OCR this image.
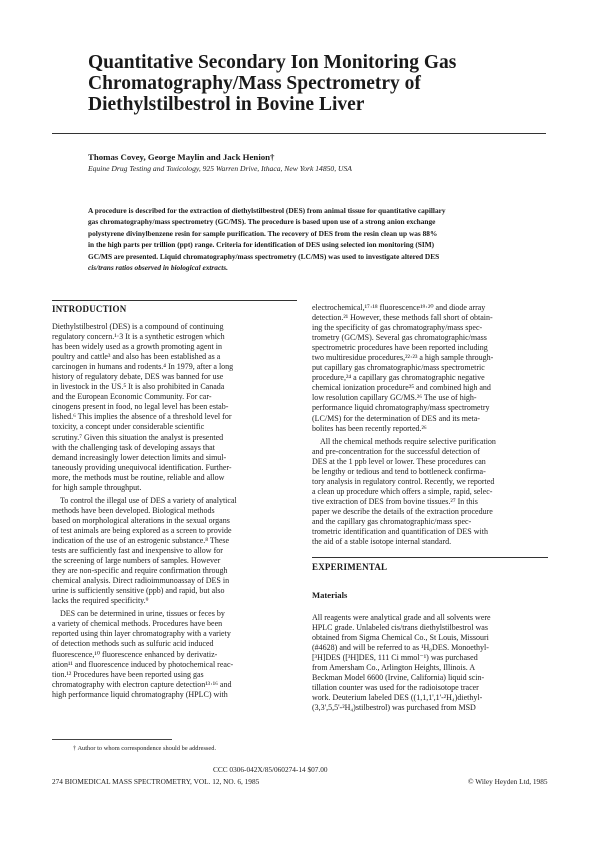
Quantitative Secondary Ion Monitoring Gas
Chromatography/Mass Spectrometry of
Diethylstilbestrol in Bovine Liver
Thomas Covey, George Maylin and Jack Henion†
Equine Drug Testing and Toxicology, 925 Warren Drive, Ithaca, New York 14850, USA
A procedure is described for the extraction of diethylstilbestrol (DES) from animal tissue for quantitative capillary
gas chromatography/mass spectrometry (GC/MS). The procedure is based upon use of a strong anion exchange
polystyrene divinylbenzene resin for sample purification. The recovery of DES from the resin clean up was 88%
in the high parts per trillion (ppt) range. Criteria for identification of DES using selected ion monitoring (SIM)
GC/MS are presented. Liquid chromatography/mass spectrometry (LC/MS) was used to investigate altered DES
cis/trans ratios observed in biological extracts.
INTRODUCTION
Diethylstilbestrol (DES) is a compound of continuing
regulatory concern.¹·3 It is a synthetic estrogen which
has been widely used as a growth promoting agent in
poultry and cattle³ and also has been established as a
carcinogen in humans and rodents.⁴ In 1979, after a long
history of regulatory debate, DES was banned for use
in livestock in the US.⁵ It is also prohibited in Canada
and the European Economic Community. For car-
cinogens present in food, no legal level has been estab-
lished.⁶ This implies the absence of a threshold level for
toxicity, a concept under considerable scientific
scrutiny.⁷ Given this situation the analyst is presented
with the challenging task of developing assays that
demand increasingly lower detection limits and simul-
taneously providing unequivocal identification. Further-
more, the methods must be routine, reliable and allow
for high sample throughput.
To control the illegal use of DES a variety of analytical
methods have been developed. Biological methods
based on morphological alterations in the sexual organs
of test animals are being explored as a screen to provide
indication of the use of an estrogenic substance.⁸ These
tests are sufficiently fast and inexpensive to allow for
the screening of large numbers of samples. However
they are non-specific and require confirmation through
chemical analysis. Direct radioimmunoassay of DES in
urine is sufficiently sensitive (ppb) and rapid, but also
lacks the required specificity.⁹
DES can be determined in urine, tissues or feces by
a variety of chemical methods. Procedures have been
reported using thin layer chromatography with a variety
of detection methods such as sulfuric acid induced
fluorescence,¹⁰ fluorescence enhanced by derivatiz-
ation¹¹ and fluorescence induced by photochemical reac-
tion.¹² Procedures have been reported using gas
chromatography with electron capture detection¹³·¹⁶ and
high performance liquid chromatography (HPLC) with
electrochemical,¹⁷·¹⁸ fluorescence¹⁹·²⁰ and diode array
detection.²¹ However, these methods fall short of obtain-
ing the specificity of gas chromatography/mass spec-
trometry (GC/MS). Several gas chromatographic/mass
spectrometric procedures have been reported including
two multiresidue procedures,²²·²³ a high sample through-
put capillary gas chromatographic/mass spectrometric
procedure,²⁴ a capillary gas chromatographic negative
chemical ionization procedure²⁵ and combined high and
low resolution capillary GC/MS.²⁶ The use of high-
performance liquid chromatography/mass spectrometry
(LC/MS) for the determination of DES and its meta-
bolites has been recently reported.²⁶
All the chemical methods require selective purification
and pre-concentration for the successful detection of
DES at the 1 ppb level or lower. These procedures can
be lengthy or tedious and tend to bottleneck confirma-
tory analysis in regulatory control. Recently, we reported
a clean up procedure which offers a simple, rapid, selec-
tive extraction of DES from bovine tissues.²⁷ In this
paper we describe the details of the extraction procedure
and the capillary gas chromatographic/mass spec-
trometric identification and quantification of DES with
the aid of a stable isotope internal standard.
EXPERIMENTAL
Materials
All reagents were analytical grade and all solvents were
HPLC grade. Unlabeled cis/trans diethylstilbestrol was
obtained from Sigma Chemical Co., St Louis, Missouri
(#4628) and will be referred to as ¹H₀DES. Monoethyl-
[³H]DES ([³H]DES, 111 Ci mmol⁻¹) was purchased
from Amersham Co., Arlington Heights, Illinois. A
Beckman Model 6600 (Irvine, California) liquid scin-
tillation counter was used for the radioisotope tracer
work. Deuterium labeled DES ((1,1,1',1'-²H₄)diethyl-
(3,3',5,5'-²H₄)stilbestrol) was purchased from MSD
† Author to whom correspondence should be addressed.
274 BIOMEDICAL MASS SPECTROMETRY, VOL. 12, NO. 6, 1985
CCC 0306-042X/85/060274-14 $07.00
© Wiley Heyden Ltd, 1985
